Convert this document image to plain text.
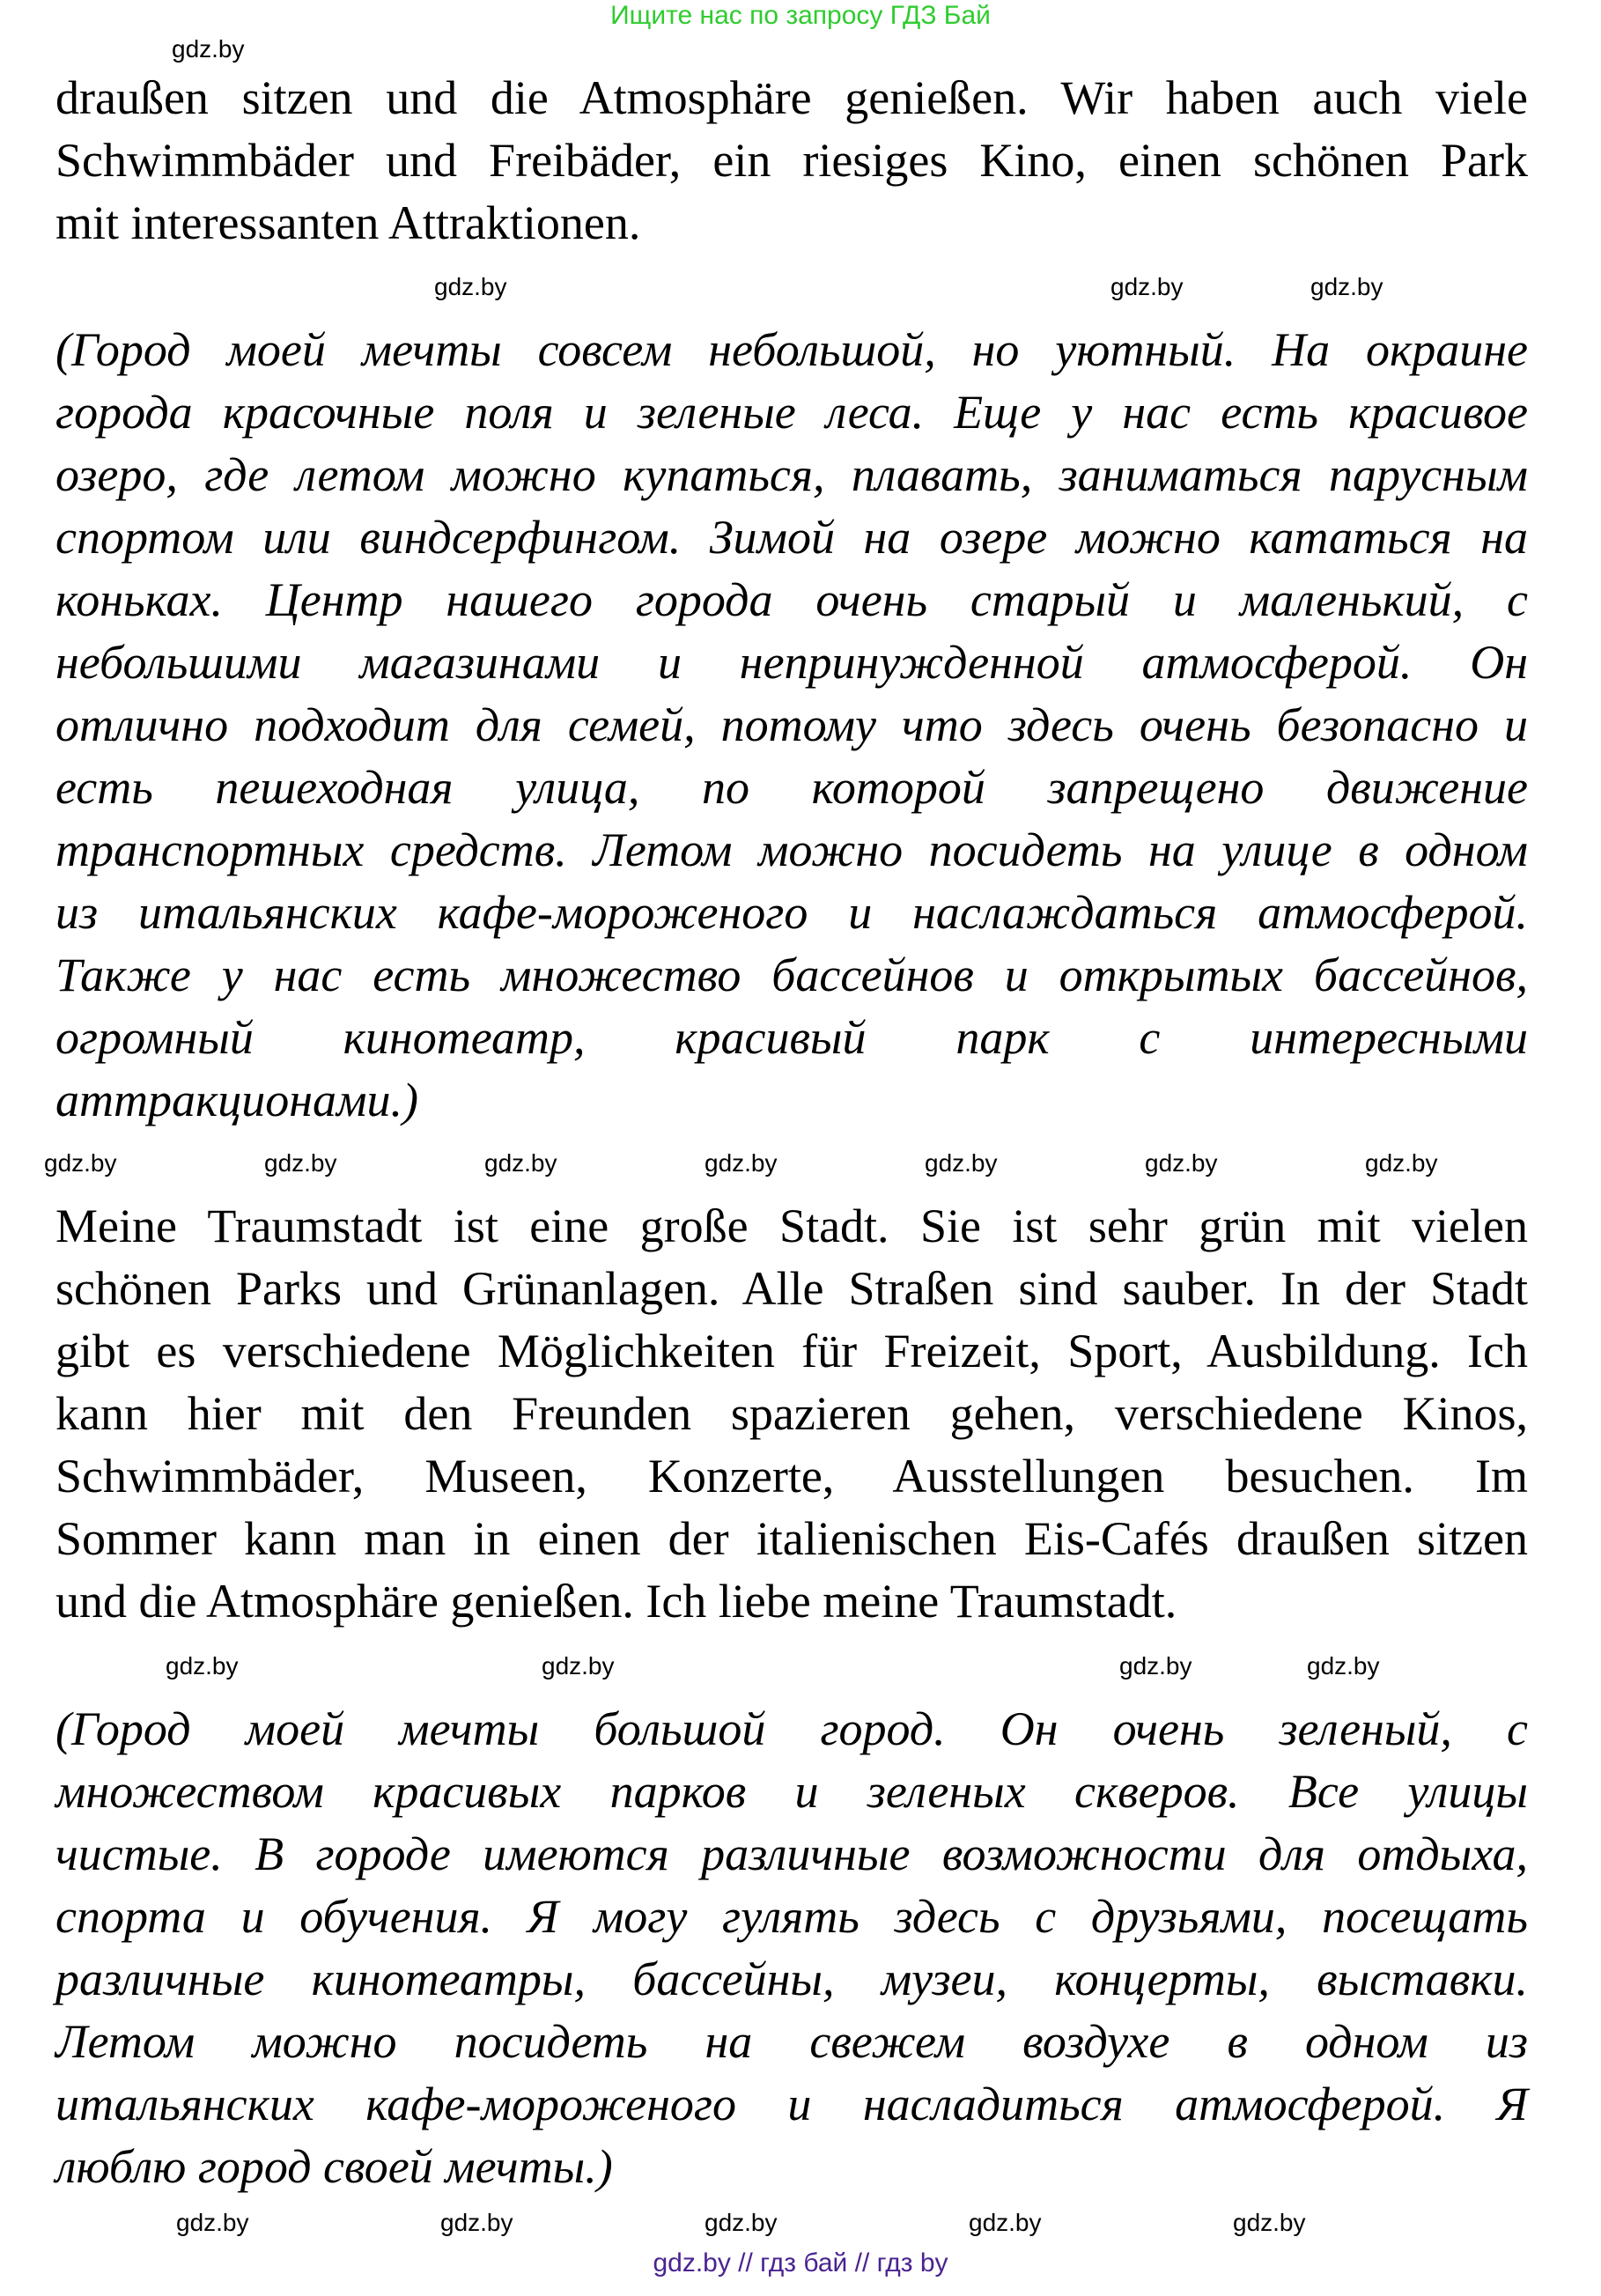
Ищите нас по запросу ГДЗ Бай
draußen sitzen und die Atmosphäre genießen. Wir haben auch viele
Schwimmbäder und Freibäder, ein riesiges Kino, einen schönen Park
mit interessanten Attraktionen.
(Город моей мечты совсем небольшой, но уютный. На окраине
города красочные поля и зеленые леса. Еще у нас есть красивое
озеро, где летом можно купаться, плавать, заниматься парусным
спортом или виндсерфингом. Зимой на озере можно кататься на
коньках. Центр нашего города очень старый и маленький, с
небольшими магазинами и непринужденной атмосферой. Он
отлично подходит для семей, потому что здесь очень безопасно и
есть пешеходная улица, по которой запрещено движение
транспортных средств. Летом можно посидеть на улице в одном
из итальянских кафе-мороженого и наслаждаться атмосферой.
Также у нас есть множество бассейнов и открытых бассейнов,
огромный кинотеатр, красивый парк с интересными
аттракционами.)
Meine Traumstadt ist eine große Stadt. Sie ist sehr grün mit vielen
schönen Parks und Grünanlagen. Alle Straßen sind sauber. In der Stadt
gibt es verschiedene Möglichkeiten für Freizeit, Sport, Ausbildung. Ich
kann hier mit den Freunden spazieren gehen, verschiedene Kinos,
Schwimmbäder, Museen, Konzerte, Ausstellungen besuchen. Im
Sommer kann man in einen der italienischen Eis-Cafés draußen sitzen
und die Atmosphäre genießen. Ich liebe meine Traumstadt.
(Город моей мечты большой город. Он очень зеленый, с
множеством красивых парков и зеленых скверов. Все улицы
чистые. В городе имеются различные возможности для отдыха,
спорта и обучения. Я могу гулять здесь с друзьями, посещать
различные кинотеатры, бассейны, музеи, концерты, выставки.
Летом можно посидеть на свежем воздухе в одном из
итальянских кафе-мороженого и насладиться атмосферой. Я
люблю город своей мечты.)
gdz.by // гдз бай // гдз by
gdz.by
gdz.by	gdz.by	gdz.by
gdz.by	gdz.by	gdz.by	gdz.by	gdz.by	gdz.by	gdz.by
gdz.by	gdz.by	gdz.by	gdz.by
gdz.by	gdz.by	gdz.by	gdz.by	gdz.by
